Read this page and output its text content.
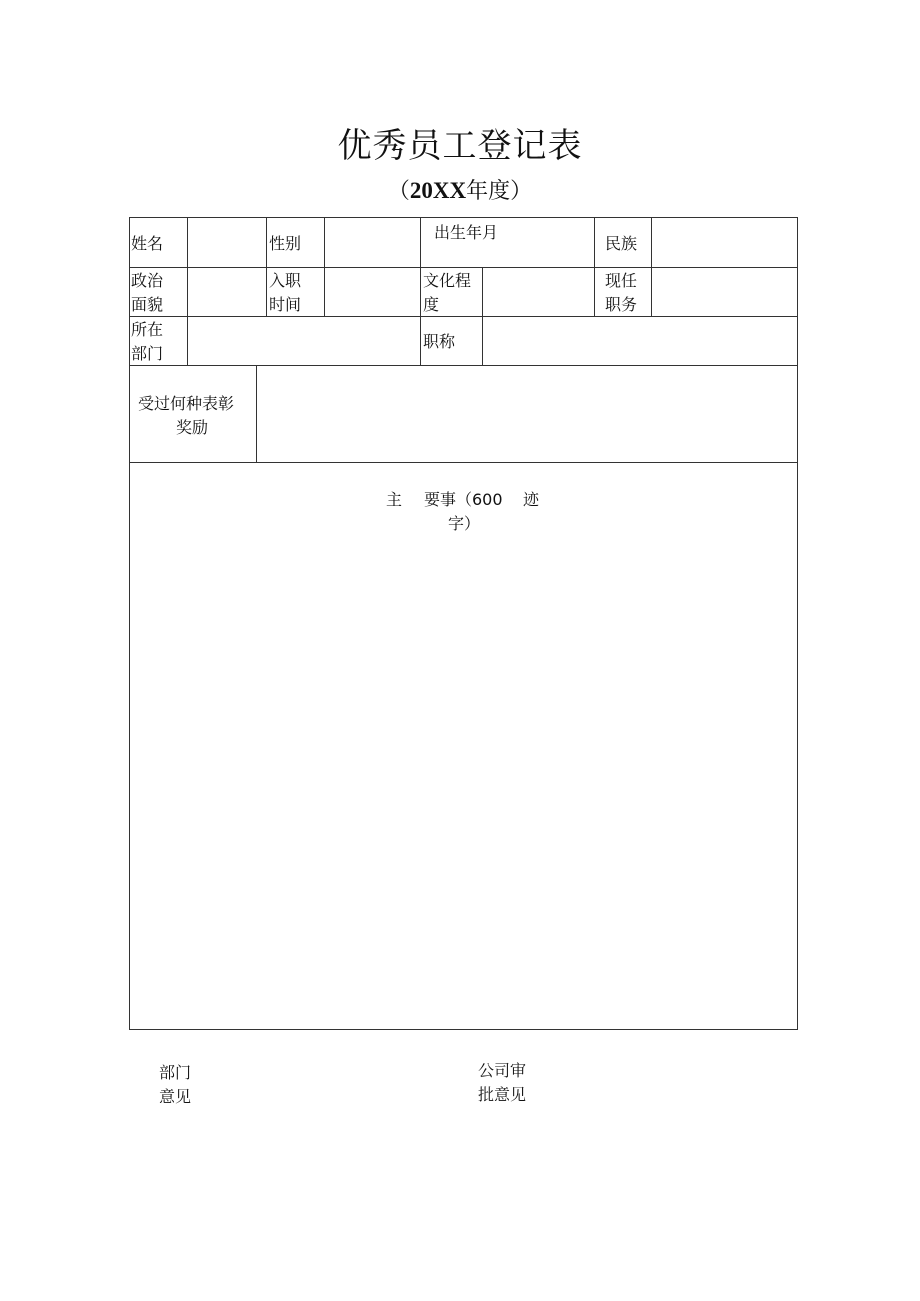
优秀员工登记表
（20XX年度）
姓名	性别
出生年月
民族
政治
面貌
入职
时间
文化程
度
现任
职务
所在
部门
职称
受过何种表彰
奖励
主 要事（600 迹
字）
部门
意见
公司审
批意见
